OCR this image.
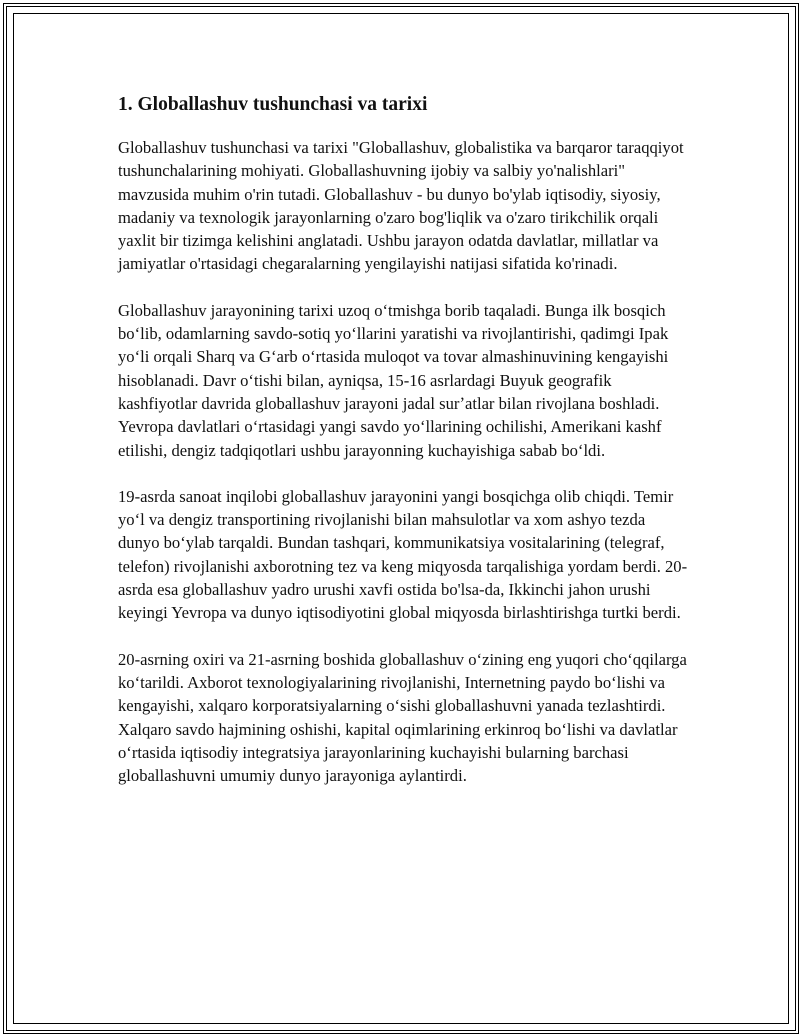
1. Globallashuv tushunchasi va tarixi

Globallashuv tushunchasi va tarixi "Globallashuv, globalistika va barqaror taraqqiyot tushunchalarining mohiyati. Globallashuvning ijobiy va salbiy yo'nalishlari" mavzusida muhim o'rin tutadi. Globallashuv - bu dunyo bo'ylab iqtisodiy, siyosiy, madaniy va texnologik jarayonlarning o'zaro bog'liqlik va o'zaro tirikchilik orqali yaxlit bir tizimga kelishini anglatadi. Ushbu jarayon odatda davlatlar, millatlar va jamiyatlar o'rtasidagi chegaralarning yengilayishi natijasi sifatida ko'rinadi.

Globallashuv jarayonining tarixi uzoq oʻtmishga borib taqaladi. Bunga ilk bosqich boʻlib, odamlarning savdo-sotiq yoʻllarini yaratishi va rivojlantirishi, qadimgi Ipak yoʻli orqali Sharq va Gʻarb oʻrtasida muloqot va tovar almashinuvining kengayishi hisoblanadi. Davr oʻtishi bilan, ayniqsa, 15-16 asrlardagi Buyuk geografik kashfiyotlar davrida globallashuv jarayoni jadal surʼatlar bilan rivojlana boshladi. Yevropa davlatlari oʻrtasidagi yangi savdo yoʻllarining ochilishi, Amerikani kashf etilishi, dengiz tadqiqotlari ushbu jarayonning kuchayishiga sabab boʻldi.

19-asrda sanoat inqilobi globallashuv jarayonini yangi bosqichga olib chiqdi. Temir yoʻl va dengiz transportining rivojlanishi bilan mahsulotlar va xom ashyo tezda dunyo boʻylab tarqaldi. Bundan tashqari, kommunikatsiya vositalarining (telegraf, telefon) rivojlanishi axborotning tez va keng miqyosda tarqalishiga yordam berdi. 20-asrda esa globallashuv yadro urushi xavfi ostida bo'lsa-da, Ikkinchi jahon urushi keyingi Yevropa va dunyo iqtisodiyotini global miqyosda birlashtirishga turtki berdi.

20-asrning oxiri va 21-asrning boshida globallashuv oʻzining eng yuqori choʻqqilarga koʻtarildi. Axborot texnologiyalarining rivojlanishi, Internetning paydo boʻlishi va kengayishi, xalqaro korporatsiyalarning oʻsishi globallashuvni yanada tezlashtirdi. Xalqaro savdo hajmining oshishi, kapital oqimlarining erkinroq boʻlishi va davlatlar oʻrtasida iqtisodiy integratsiya jarayonlarining kuchayishi bularning barchasi globallashuvni umumiy dunyo jarayoniga aylantirdi.
